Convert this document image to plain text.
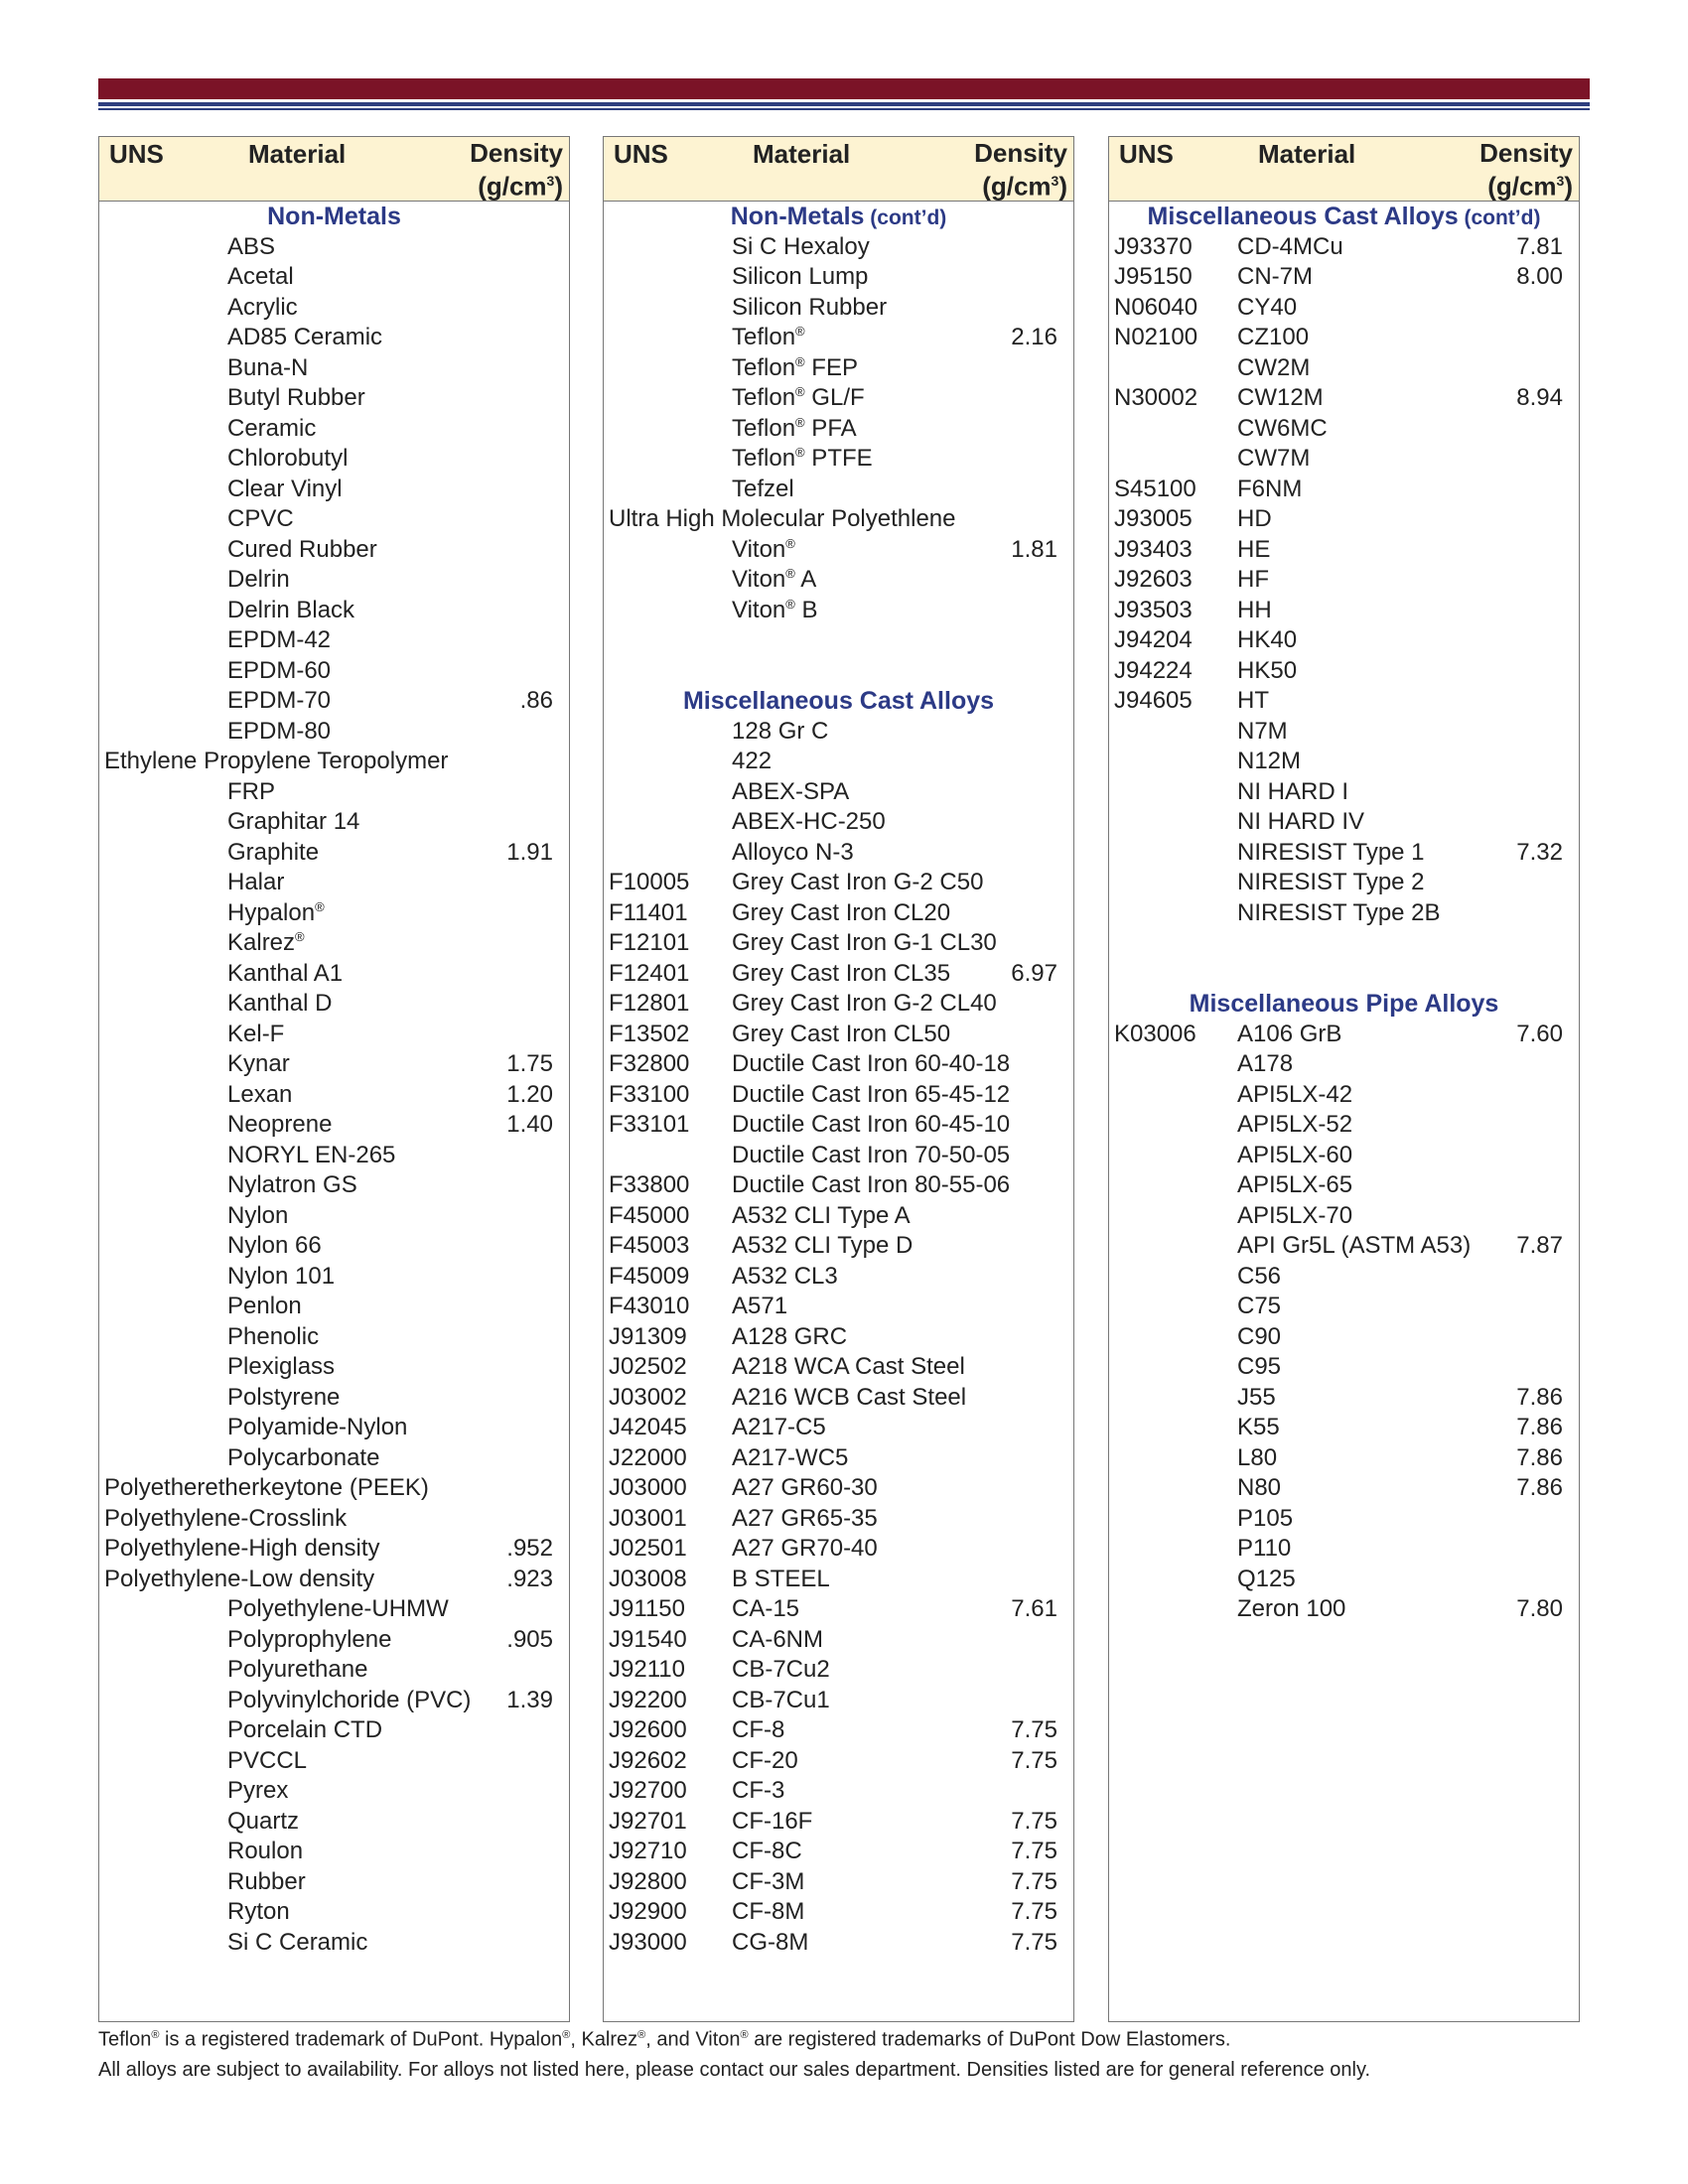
UNS	Material	Density
$(g/cm^3)$
Non-Metals
ABS
Acetal
Acrylic
AD85 Ceramic
Buna-N
Butyl Rubber
Ceramic
Chlorobutyl
Clear Vinyl
CPVC
Cured Rubber
Delrin
Delrin Black
EPDM-42
EPDM-60
EPDM-70	.86
EPDM-80
Ethylene Propylene Teropolymer
FRP
Graphitar 14
Graphite	1.91
Halar
Hypalon®
Kalrez®
Kanthal A1
Kanthal D
Kel-F
Kynar	1.75
Lexan	1.20
Neoprene	1.40
NORYL EN-265
Nylatron GS
Nylon
Nylon 66
Nylon 101
Penlon
Phenolic
Plexiglass
Polstyrene
Polyamide-Nylon
Polycarbonate
Polyetheretherkeytone (PEEK)
Polyethylene-Crosslink
Polyethylene-High density	.952
Polyethylene-Low density	.923
Polyethylene-UHMW
Polyprophylene	.905
Polyurethane
Polyvinylchoride (PVC) 1.39
Porcelain CTD
PVCCL
Pyrex
Quartz
Roulon
Rubber
Ryton
Si C Ceramic
UNS	Material	Density
$(g/cm^3)$
Non-Metals (cont’d)
Si C Hexaloy
Silicon Lump
Silicon Rubber
Teflon®	2.16
Teflon® FEP
Teflon® GL/F
Teflon® PFA
Teflon® PTFE
Tefzel
Ultra High Molecular Polyethlene
Viton®	1.81
Viton® A
Viton® B
Miscellaneous Cast Alloys
128 Gr C
422
ABEX-SPA
ABEX-HC-250
Alloyco N-3
F10005 Grey Cast Iron G-2 C50
F11401 Grey Cast Iron CL20
F12101 Grey Cast Iron G-1 CL30
F12401 Grey Cast Iron CL35	6.97
F12801 Grey Cast Iron G-2 CL40
F13502 Grey Cast Iron CL50
F32800 Ductile Cast Iron 60-40-18
F33100 Ductile Cast Iron 65-45-12
F33101 Ductile Cast Iron 60-45-10
Ductile Cast Iron 70-50-05
F33800 Ductile Cast Iron 80-55-06
F45000 A532 CLI Type A
F45003 A532 CLI Type D
F45009 A532 CL3
F43010 A571
J91309 A128 GRC
J02502 A218 WCA Cast Steel
J03002 A216 WCB Cast Steel
J42045 A217-C5
J22000 A217-WC5
J03000 A27 GR60-30
J03001 A27 GR65-35
J02501 A27 GR70-40
J03008 B STEEL
J91150 CA-15	7.61
J91540 CA-6NM
J92110 CB-7Cu2
J92200 CB-7Cu1
J92600 CF-8	7.75
J92602 CF-20	7.75
J92700 CF-3
J92701 CF-16F	7.75
J92710 CF-8C	7.75
J92800 CF-3M	7.75
J92900 CF-8M	7.75
J93000 CG-8M	7.75
UNS	Material	Density
$(g/cm^3)$
Miscellaneous Cast Alloys (cont’d)
J93370 CD-4MCu	7.81
J95150 CN-7M	8.00
N06040 CY40
N02100 CZ100
CW2M
N30002 CW12M	8.94
CW6MC
CW7M
S45100 F6NM
J93005 HD
J93403 HE
J92603 HF
J93503 HH
J94204 HK40
J94224 HK50
J94605 HT
N7M
N12M
NI HARD I
NI HARD IV
NIRESIST Type 1	7.32
NIRESIST Type 2
NIRESIST Type 2B
Miscellaneous Pipe Alloys
K03006 A106 GrB	7.60
A178
API5LX-42
API5LX-52
API5LX-60
API5LX-65
API5LX-70
API Gr5L (ASTM A53) 7.87
C56
C75
C90
C95
J55	7.86
K55	7.86
L80	7.86
N80	7.86
P105
P110
Q125
Zeron 100	7.80
Teflon® is a registered trademark of DuPont. Hypalon®, Kalrez®, and Viton® are registered trademarks of DuPont Dow Elastomers.
All alloys are subject to availability. For alloys not listed here, please contact our sales department. Densities listed are for general reference only.
